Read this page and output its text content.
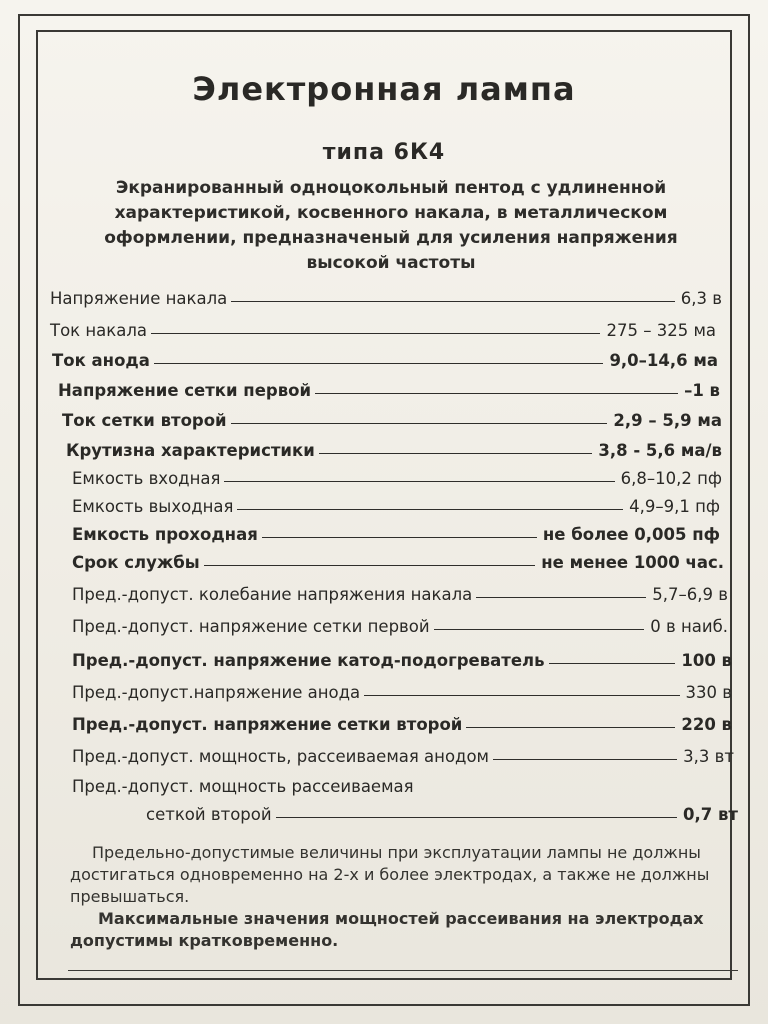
Электронная лампа
типа 6К4
Экранированный одноцокольный пентод с удлиненной характеристикой, косвенного накала, в металлическом оформлении, предназначеный для усиления напряжения высокой частоты
Напряжение накала	6,3 в
Ток накала	275 – 325 ма
Ток анода	9,0–14,6 ма
Напряжение сетки первой	–1 в
Ток сетки второй	2,9 – 5,9 ма
Крутизна характеристики	3,8 - 5,6 ма/в
Емкость входная	6,8–10,2 пф
Емкость выходная	4,9–9,1 пф
Емкость проходная	не более 0,005 пф
Срок службы	не менее 1000 час.
Пред.-допуст. колебание напряжения накала	5,7–6,9 в
Пред.-допуст. напряжение сетки первой	0 в наиб.
Пред.-допуст. напряжение катод-подогреватель	100 в
Пред.-допуст.напряжение анода	330 в
Пред.-допуст. напряжение сетки второй	220 в
Пред.-допуст. мощность, рассеиваемая анодом	3,3 вт
Пред.-допуст. мощность рассеиваемая
сеткой второй	0,7 вт

Предельно-допустимые величины при эксплуатации лампы не должны достигаться одновременно на 2-х и более электродах, а также не должны превышаться.

Максимальные значения мощностей рассеивания на электродах допустимы кратковременно.
